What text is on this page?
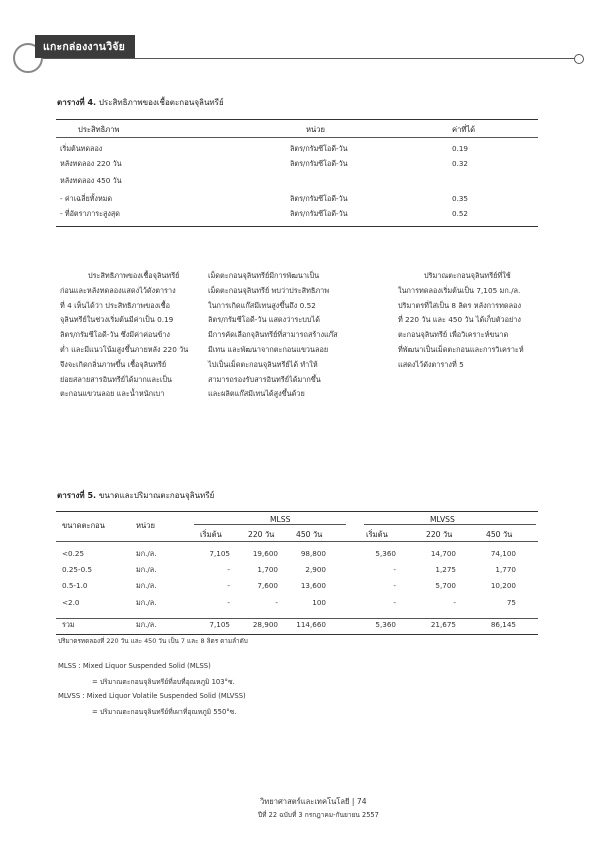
แกะกล่องงานวิจัย
ตารางที่ 4. ประสิทธิภาพของเชื้อตะกอนจุลินทรีย์
ประสิทธิภาพ	หน่วย	ค่าที่ได้
เริ่มต้นทดลอง	ลิตร/กรัมซีโอดี-วัน	0.19
หลังทดลอง 220 วัน	ลิตร/กรัมซีโอดี-วัน	0.32
หลังทดลอง 450 วัน
- ค่าเฉลี่ยทั้งหมด	ลิตร/กรัมซีโอดี-วัน	0.35
- ที่อัตราภาระสูงสุด	ลิตร/กรัมซีโอดี-วัน	0.52
ประสิทธิภาพของเชื้อจุลินทรีย์
ก่อนและหลังทดลองแสดงไว้ดังตาราง
ที่ 4 เห็นได้ว่า ประสิทธิภาพของเชื้อ
จุลินทรีย์ในช่วงเริ่มต้นมีค่าเป็น 0.19
ลิตร/กรัมซีโอดี-วัน ซึ่งมีค่าค่อนข้าง
ต่ำ และมีแนวโน้มสูงขึ้นภายหลัง 220 วัน
จึงจะเกิดกลิ่นภาพขึ้น เชื้อจุลินทรีย์
ย่อยสลายสารอินทรีย์ได้มากและเป็น
ตะกอนแขวนลอย และน้ำหนักเบา
เม็ดตะกอนจุลินทรีย์มีการพัฒนาเป็น
เม็ดตะกอนจุลินทรีย์ พบว่าประสิทธิภาพ
ในการเกิดแก๊สมีเทนสูงขึ้นถึง 0.52
ลิตร/กรัมซีโอดี-วัน แสดงว่าระบบได้
มีการคัดเลือกจุลินทรีย์ที่สามารถสร้างแก๊ส
มีเทน และพัฒนาจากตะกอนแขวนลอย
ไปเป็นเม็ดตะกอนจุลินทรีย์ได้ ทำให้
สามารถรองรับสารอินทรีย์ได้มากขึ้น
และผลิตแก๊สมีเทนได้สูงขึ้นด้วย
ปริมาณตะกอนจุลินทรีย์ที่ใช้
ในการทดลองเริ่มต้นเป็น 7,105 มก./ล.
ปริมาตรที่ใส่เป็น 8 ลิตร หลังการทดลอง
ที่ 220 วัน และ 450 วัน ได้เก็บตัวอย่าง
ตะกอนจุลินทรีย์ เพื่อวิเคราะห์ขนาด
ที่พัฒนาเป็นเม็ดตะกอนและการวิเคราะห์
แสดงไว้ดังตารางที่ 5
ตารางที่ 5. ขนาดและปริมาณตะกอนจุลินทรีย์
ขนาดตะกอน	หน่วย
MLSS	MLVSS
เริ่มต้น	220 วัน	450 วัน	เริ่มต้น	220 วัน	450 วัน
<0.25	มก./ล.	7,105	19,600	98,800	5,360	14,700	74,100
0.25-0.5	มก./ล.	-	1,700	2,900	-	1,275	1,770
0.5-1.0	มก./ล.	-	7,600	13,600	-	5,700	10,200
<2.0	มก./ล.	-	-	100	-	-	75
รวม	มก./ล.	7,105	28,900	114,660	5,360	21,675	86,145
ปริมาตรทดลองที่ 220 วัน และ 450 วัน เป็น 7 และ 8 ลิตร ตามลำดับ
MLSS : Mixed Liquor Suspended Solid (MLSS)
= ปริมาณตะกอนจุลินทรีย์ที่อบที่อุณหภูมิ 103°ซ.
MLVSS : Mixed Liquor Volatile Suspended Solid (MLVSS)
= ปริมาณตะกอนจุลินทรีย์ที่เผาที่อุณหภูมิ 550°ซ.
วิทยาศาสตร์และเทคโนโลยี | 74
ปีที่ 22 ฉบับที่ 3 กรกฎาคม-กันยายน 2557
